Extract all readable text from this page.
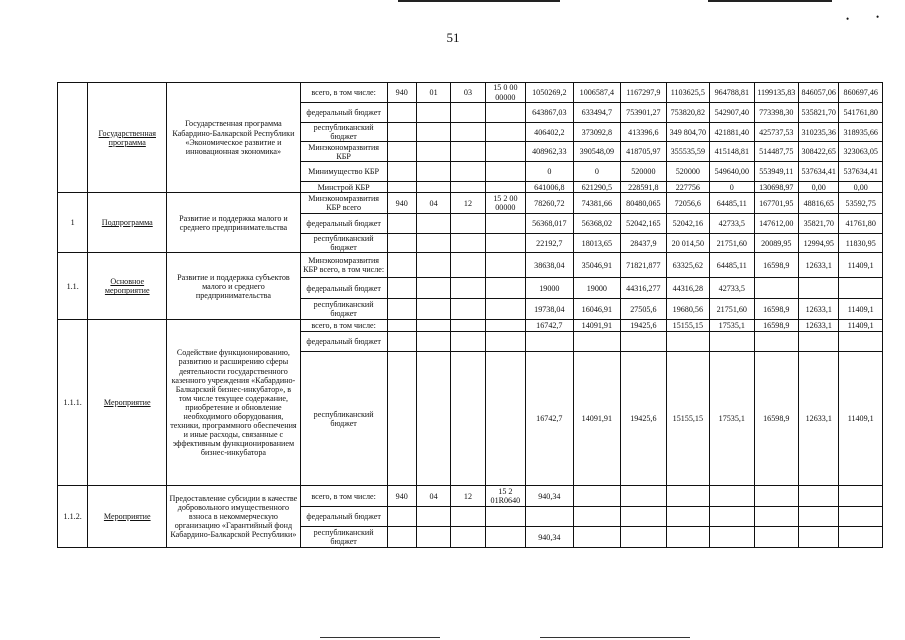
•	•
51
	Государственная программа	Государственная программа Кабардино-Балкарской Республики «Экономическое развитие и инновационная экономика»	всего, в том числе:	940	01	03	15 0 00 00000	1050269,2	1006587,4	1167297,9	1103625,5	964788,81	1199135,83	846057,06	860697,46
			федеральный бюджет					643867,03	633494,7	753901,27	753820,82	542907,40	773398,30	535821,70	541761,80
			республиканский бюджет					406402,2	373092,8	413396,6	349 804,70	421881,40	425737,53	310235,36	318935,66
			Минэкономразвития КБР					408962,33	390548,09	418705,97	355535,59	415148,81	514487,75	308422,65	323063,05
			Минимущество КБР					0	0	520000	520000	549640,00	553949,11	537634,41	537634,41
			Минстрой КБР					641006,8	621290,5	228591,8	227756	0	130698,97	0,00	0,00
1	Подпрограмма	Развитие и поддержка малого и среднего предпринимательства	Минэкономразвития КБР всего	940	04	12	15 2 00 00000	78260,72	74381,66	80480,065	72056,6	64485,11	167701,95	48816,65	53592,75
			федеральный бюджет					56368,017	56368,02	52042,165	52042,16	42733,5	147612,00	35821,70	41761,80
			республиканский бюджет					22192,7	18013,65	28437,9	20 014,50	21751,60	20089,95	12994,95	11830,95
1.1.	Основное мероприятие	Развитие и поддержка субъектов малого и среднего предпринимательства	Минэкономразвития КБР всего, в том числе:					38638,04	35046,91	71821,877	63325,62	64485,11	16598,9	12633,1	11409,1
			федеральный бюджет					19000	19000	44316,277	44316,28	42733,5			
			республиканский бюджет					19738,04	16046,91	27505,6	19680,56	21751,60	16598,9	12633,1	11409,1
1.1.1.	Мероприятие	Содействие функционированию, развитию и расширению сферы деятельности государственного казенного учреждения «Кабардино-Балкарский бизнес-инкубатор», в том числе текущее содержание, приобретение и обновление необходимого оборудования, техники, программного обеспечения и иные расходы, связанные с эффективным функционированием бизнес-инкубатора	всего, в том числе:					16742,7	14091,91	19425,6	15155,15	17535,1	16598,9	12633,1	11409,1
			федеральный бюджет												
			республиканский бюджет					16742,7	14091,91	19425,6	15155,15	17535,1	16598,9	12633,1	11409,1
1.1.2.	Мероприятие	Предоставление субсидии в качестве добровольного имущественного взноса в некоммерческую организацию «Гарантийный фонд Кабардино-Балкарской Республики»	всего, в том числе:	940	04	12	15 2 01R0640	940,34							
			федеральный бюджет												
			республиканский бюджет					940,34							
